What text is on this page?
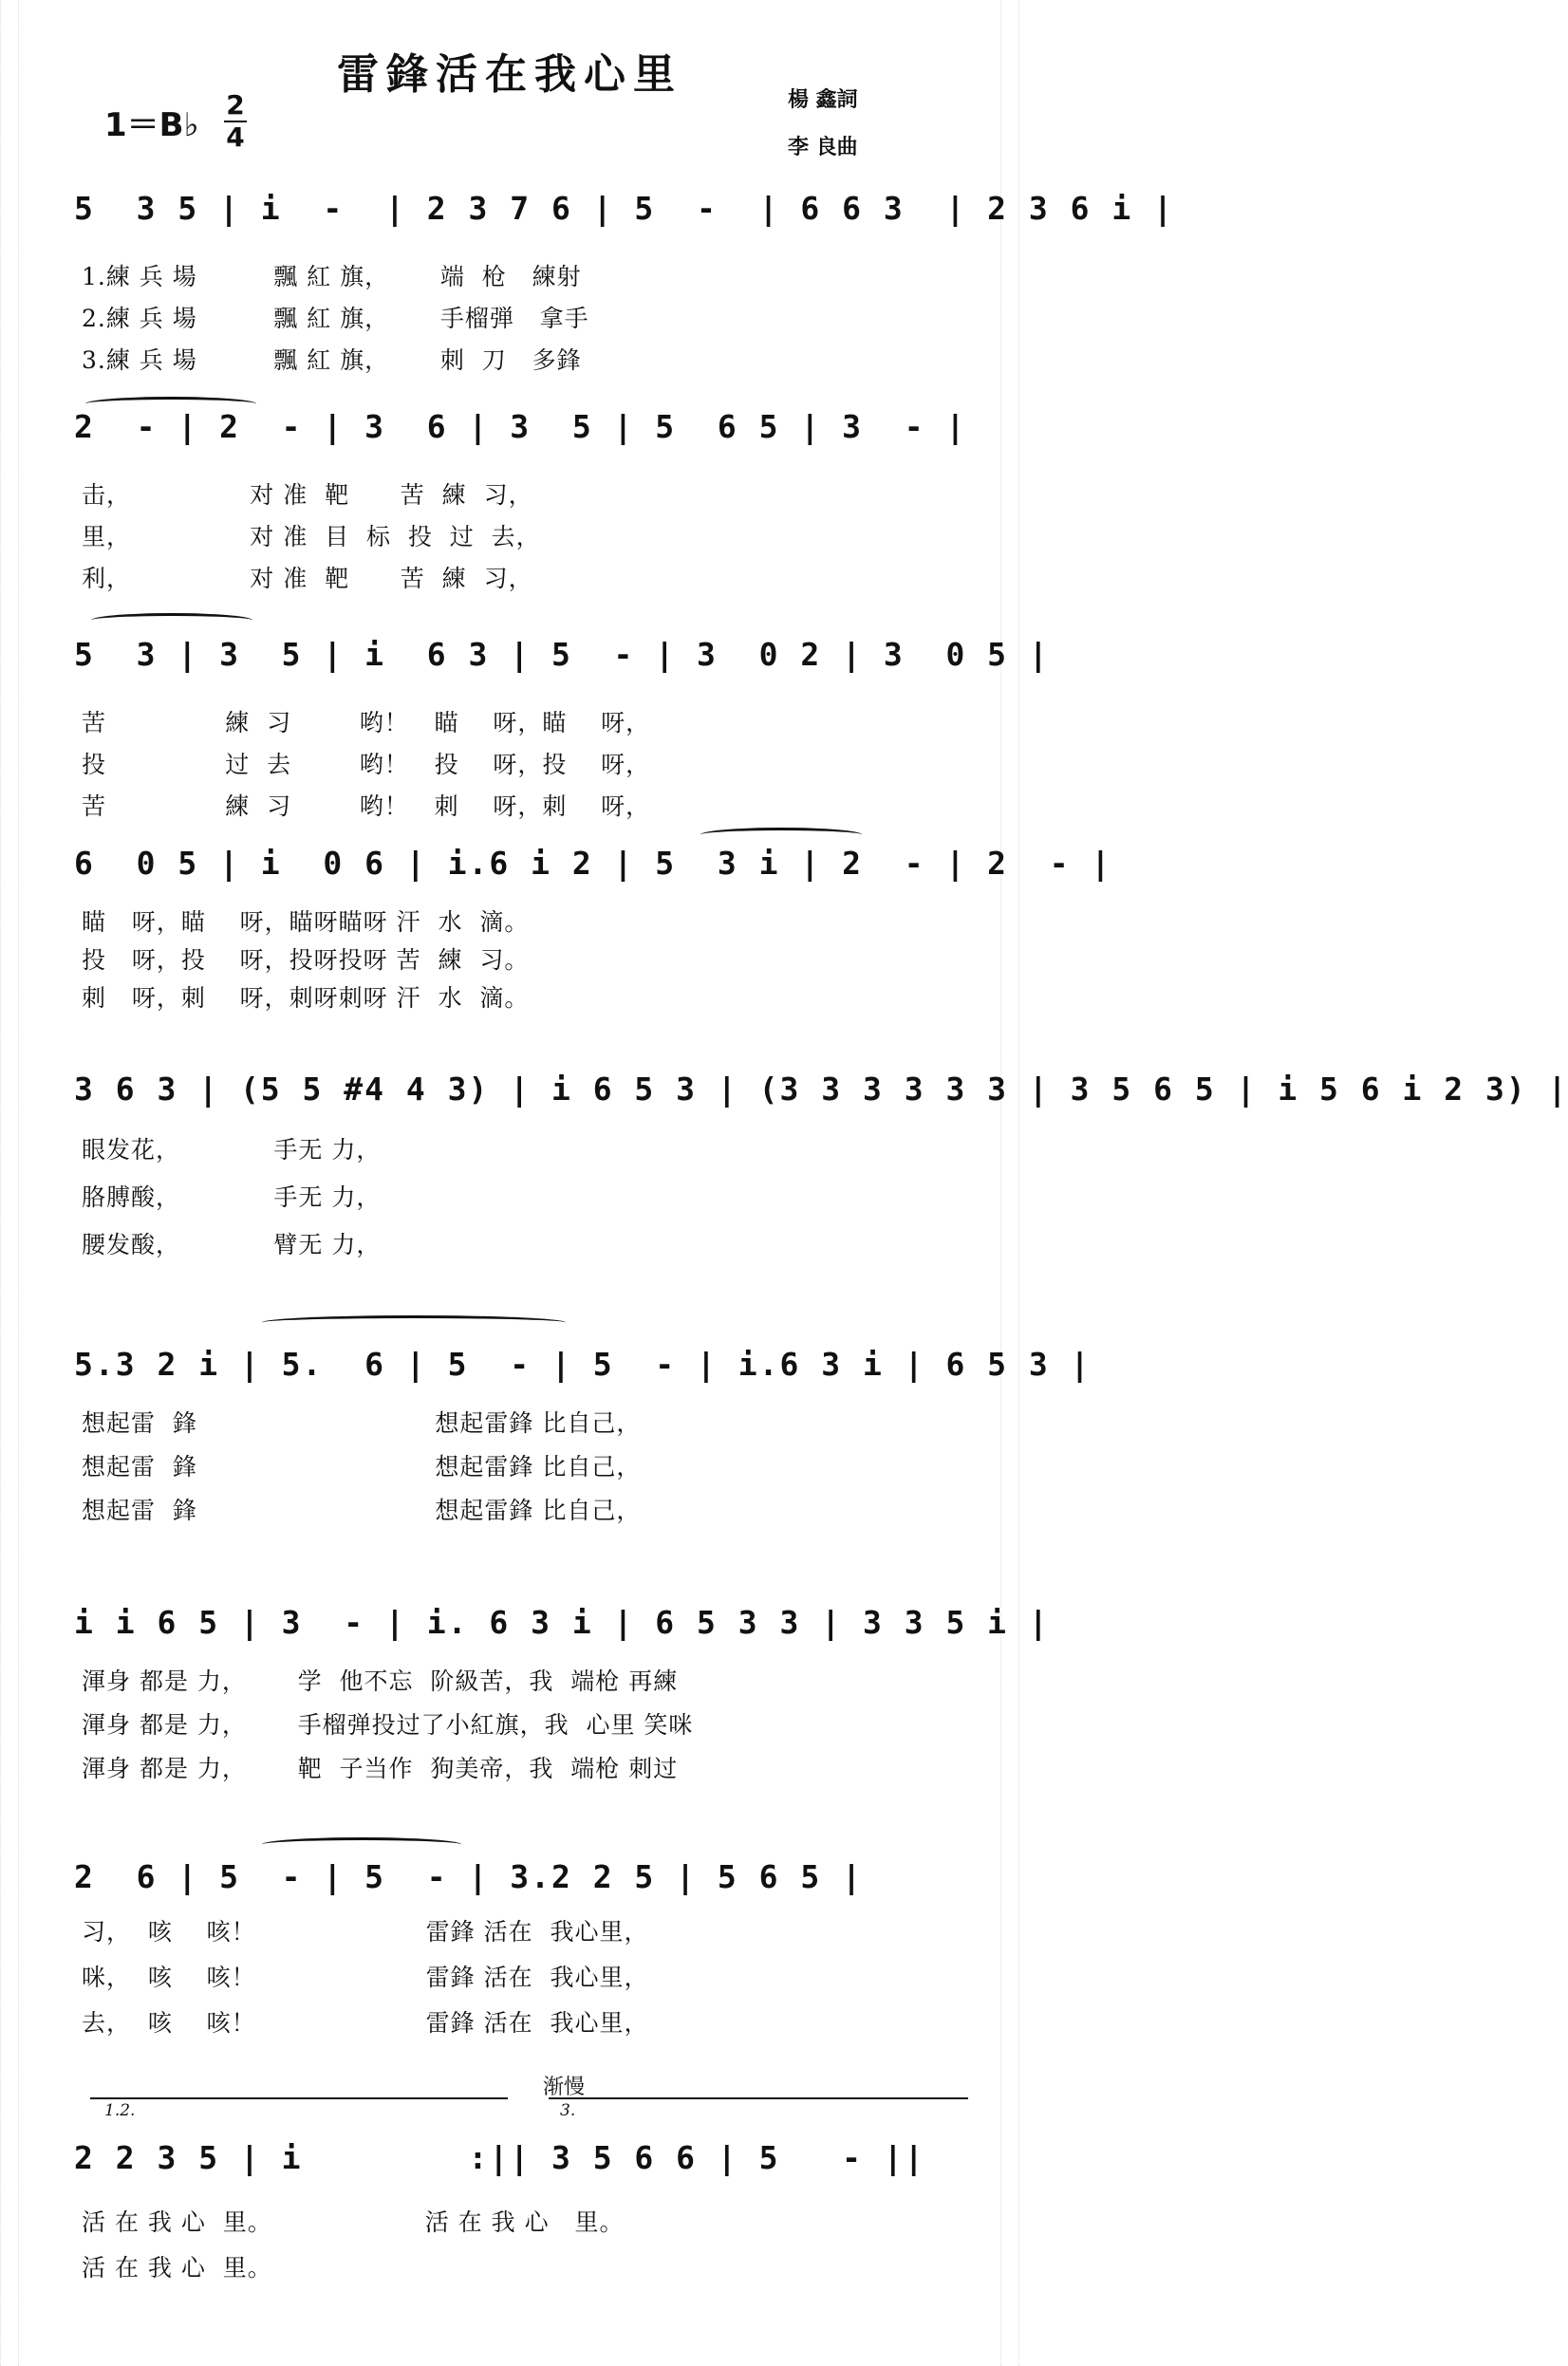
雷鋒活在我心里
楊 鑫詞
李 良曲
1＝B♭
2
4
5  3 5 | i  -  | 2 3 7 6 | 5  -  | 6 6 3  | 2 3 6 i |
1.練 兵 場         飄 紅 旗，      端  枪   練射
2.練 兵 場         飄 紅 旗，      手榴弾   拿手
3.練 兵 場         飄 紅 旗，      刺  刀   多鋒
2  - | 2  - | 3  6 | 3  5 | 5  6 5 | 3  - |
击，              对 准  靶      苦  練  习，
里，              对 准  目  标  投  过  去，
利，              对 准  靶      苦  練  习，
5  3 | 3  5 | i  6 3 | 5  - | 3  0 2 | 3  0 5 |
苦              練  习        哟！   瞄    呀，瞄    呀，
投              过  去        哟！   投    呀，投    呀，
苦              練  习        哟！   刺    呀，刺    呀，
6  0 5 | i  0 6 | i.6 i 2 | 5  3 i | 2  - | 2  - |
瞄   呀，瞄    呀，瞄呀瞄呀 汗  水  滴。
投   呀，投    呀，投呀投呀 苦  練  习。
刺   呀，刺    呀，刺呀刺呀 汗  水  滴。
3 6 3 | (5 5 #4 4 3) | i 6 5 3 | (3 3 3 3 3 3 | 3 5 6 5 | i 5 6 i 2 3) |
眼发花，           手无 力，
胳膊酸，           手无 力，
腰发酸，           臂无 力，
5.3 2 i | 5.  6 | 5  - | 5  - | i.6 3 i | 6 5 3 |
想起雷  鋒                            想起雷鋒 比自己，
想起雷  鋒                            想起雷鋒 比自己，
想起雷  鋒                            想起雷鋒 比自己，
i i 6 5 | 3  - | i. 6 3 i | 6 5 3 3 | 3 3 5 i |
渾身 都是 力，      学  他不忘  阶級苦，我  端枪 再練
渾身 都是 力，      手榴弹投过了小紅旗，我  心里 笑咪
渾身 都是 力，      靶  子当作  狗美帝，我  端枪 刺过
2  6 | 5  - | 5  - | 3.2 2 5 | 5 6 5 |
习，  咳    咳！                    雷鋒 活在  我心里，
咪，  咳    咳！                    雷鋒 活在  我心里，
去，  咳    咳！                    雷鋒 活在  我心里，
渐慢
1.2.	3.
2 2 3 5 | i        :|| 3 5 6 6 | 5   - ||
活 在 我 心  里。                  活 在 我 心   里。
活 在 我 心  里。
